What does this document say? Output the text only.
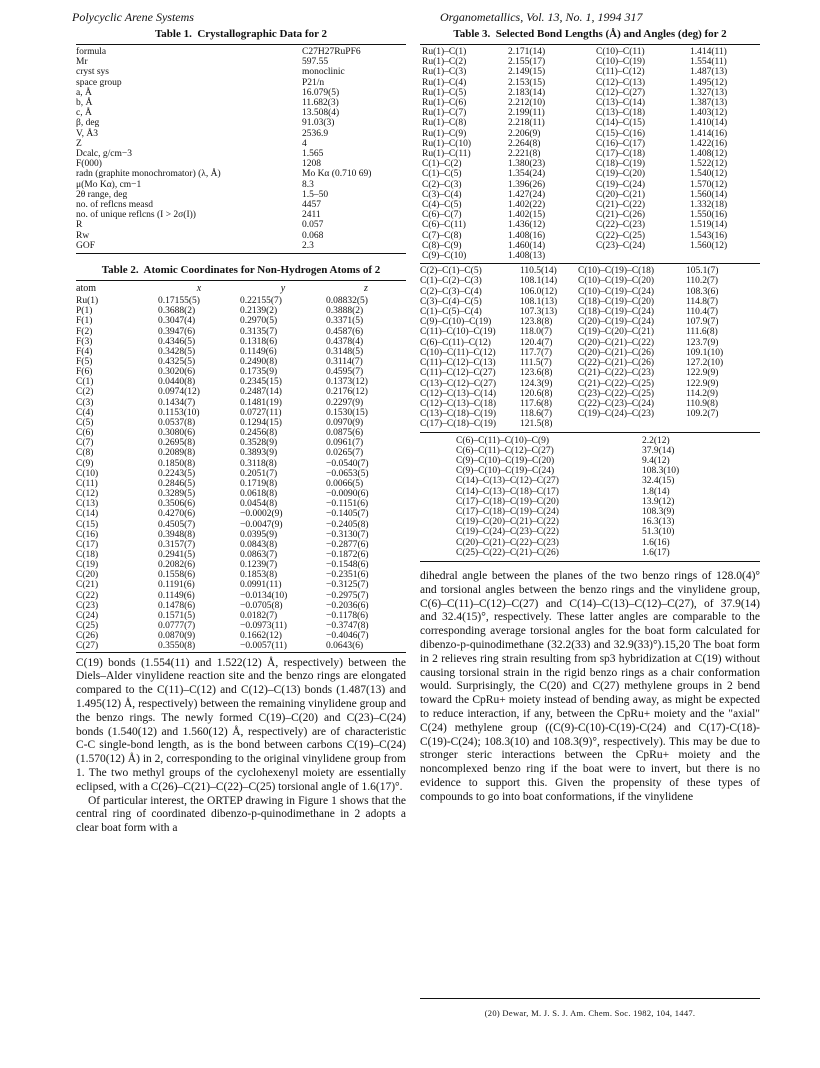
Polycyclic Arene Systems	Organometallics, Vol. 13, No. 1, 1994 317
Table 1. Crystallographic Data for 2
formula	C27H27RuPF6
Mr	597.55
cryst sys	monoclinic
space group	P21/n
a, Å	16.079(5)
b, Å	11.682(3)
c, Å	13.508(4)
β, deg	91.03(3)
V, Å3	2536.9
Z	4
Dcalc, g/cm−3	1.565
F(000)	1208
radn (graphite monochromator) (λ, Å)	Mo Kα (0.710 69)
μ(Mo Kα), cm−1	8.3
2θ range, deg	1.5–50
no. of reflcns measd	4457
no. of unique reflcns (I > 2σ(I))	2411
R	0.057
Rw	0.068
GOF	2.3
Table 2. Atomic Coordinates for Non-Hydrogen Atoms of 2
atom	x	y	z
Ru(1)	0.17155(5)	0.22155(7)	0.08832(5)
P(1)	0.3688(2)	0.2139(2)	0.3888(2)
F(1)	0.3047(4)	0.2970(5)	0.3371(5)
F(2)	0.3947(6)	0.3135(7)	0.4587(6)
F(3)	0.4346(5)	0.1318(6)	0.4378(4)
F(4)	0.3428(5)	0.1149(6)	0.3148(5)
F(5)	0.4325(5)	0.2490(8)	0.3114(7)
F(6)	0.3020(6)	0.1735(9)	0.4595(7)
C(1)	0.0440(8)	0.2345(15)	0.1373(12)
C(2)	0.0974(12)	0.2487(14)	0.2176(12)
C(3)	0.1434(7)	0.1481(19)	0.2297(9)
C(4)	0.1153(10)	0.0727(11)	0.1530(15)
C(5)	0.0537(8)	0.1294(15)	0.0970(9)
C(6)	0.3080(6)	0.2456(8)	0.0875(6)
C(7)	0.2695(8)	0.3528(9)	0.0961(7)
C(8)	0.2089(8)	0.3893(9)	0.0265(7)
C(9)	0.1850(8)	0.3118(8)	−0.0540(7)
C(10)	0.2243(5)	0.2051(7)	−0.0653(5)
C(11)	0.2846(5)	0.1719(8)	0.0066(5)
C(12)	0.3289(5)	0.0618(8)	−0.0090(6)
C(13)	0.3506(6)	0.0454(8)	−0.1151(6)
C(14)	0.4270(6)	−0.0002(9)	−0.1405(7)
C(15)	0.4505(7)	−0.0047(9)	−0.2405(8)
C(16)	0.3948(8)	0.0395(9)	−0.3130(7)
C(17)	0.3157(7)	0.0843(8)	−0.2877(6)
C(18)	0.2941(5)	0.0863(7)	−0.1872(6)
C(19)	0.2082(6)	0.1239(7)	−0.1548(6)
C(20)	0.1558(6)	0.1853(8)	−0.2351(6)
C(21)	0.1191(6)	0.0991(11)	−0.3125(7)
C(22)	0.1149(6)	−0.0134(10)	−0.2975(7)
C(23)	0.1478(6)	−0.0705(8)	−0.2036(6)
C(24)	0.1571(5)	0.0182(7)	−0.1178(6)
C(25)	0.0777(7)	−0.0973(11)	−0.3747(8)
C(26)	0.0870(9)	0.1662(12)	−0.4046(7)
C(27)	0.3550(8)	−0.0057(11)	0.0643(6)

C(19) bonds (1.554(11) and 1.522(12) Å, respectively) between the Diels–Alder vinylidene reaction site and the benzo rings are elongated compared to the C(11)–C(12) and C(12)–C(13) bonds (1.487(13) and 1.495(12) Å, respectively) between the remaining vinylidene group and the benzo rings. The newly formed C(19)–C(20) and C(23)–C(24) bonds (1.540(12) and 1.560(12) Å, respectively) are of characteristic C-C single-bond length, as is the bond between carbons C(19)–C(24) (1.570(12) Å) in 2, corresponding to the original vinylidene group from 1. The two methyl groups of the cyclohexenyl moiety are essentially eclipsed, with a C(26)–C(21)–C(22)–C(25) torsional angle of 1.6(17)°.

Of particular interest, the ORTEP drawing in Figure 1 shows that the central ring of coordinated dibenzo-p-quinodimethane in 2 adopts a clear boat form with a

Table 3. Selected Bond Lengths (Å) and Angles (deg) for 2
Ru(1)–C(1)	2.171(14)	C(10)–C(11)	1.414(11)
Ru(1)–C(2)	2.155(17)	C(10)–C(19)	1.554(11)
Ru(1)–C(3)	2.149(15)	C(11)–C(12)	1.487(13)
Ru(1)–C(4)	2.153(15)	C(12)–C(13)	1.495(12)
Ru(1)–C(5)	2.183(14)	C(12)–C(27)	1.327(13)
Ru(1)–C(6)	2.212(10)	C(13)–C(14)	1.387(13)
Ru(1)–C(7)	2.199(11)	C(13)–C(18)	1.403(12)
Ru(1)–C(8)	2.218(11)	C(14)–C(15)	1.410(14)
Ru(1)–C(9)	2.206(9)	C(15)–C(16)	1.414(16)
Ru(1)–C(10)	2.264(8)	C(16)–C(17)	1.422(16)
Ru(1)–C(11)	2.221(8)	C(17)–C(18)	1.408(12)
C(1)–C(2)	1.380(23)	C(18)–C(19)	1.522(12)
C(1)–C(5)	1.354(24)	C(19)–C(20)	1.540(12)
C(2)–C(3)	1.396(26)	C(19)–C(24)	1.570(12)
C(3)–C(4)	1.427(24)	C(20)–C(21)	1.560(14)
C(4)–C(5)	1.402(22)	C(21)–C(22)	1.332(18)
C(6)–C(7)	1.402(15)	C(21)–C(26)	1.550(16)
C(6)–C(11)	1.436(12)	C(22)–C(23)	1.519(14)
C(7)–C(8)	1.408(16)	C(22)–C(25)	1.543(16)
C(8)–C(9)	1.460(14)	C(23)–C(24)	1.560(12)
C(9)–C(10)	1.408(13)		
C(2)–C(1)–C(5)	110.5(14)	C(10)–C(19)–C(18)	105.1(7)
C(1)–C(2)–C(3)	108.1(14)	C(10)–C(19)–C(20)	110.2(7)
C(2)–C(3)–C(4)	106.0(12)	C(10)–C(19)–C(24)	108.3(6)
C(3)–C(4)–C(5)	108.1(13)	C(18)–C(19)–C(20)	114.8(7)
C(1)–C(5)–C(4)	107.3(13)	C(18)–C(19)–C(24)	110.4(7)
C(9)–C(10)–C(19)	123.8(8)	C(20)–C(19)–C(24)	107.9(7)
C(11)–C(10)–C(19)	118.0(7)	C(19)–C(20)–C(21)	111.6(8)
C(6)–C(11)–C(12)	120.4(7)	C(20)–C(21)–C(22)	123.7(9)
C(10)–C(11)–C(12)	117.7(7)	C(20)–C(21)–C(26)	109.1(10)
C(11)–C(12)–C(13)	111.5(7)	C(22)–C(21)–C(26)	127.2(10)
C(11)–C(12)–C(27)	123.6(8)	C(21)–C(22)–C(23)	122.9(9)
C(13)–C(12)–C(27)	124.3(9)	C(21)–C(22)–C(25)	122.9(9)
C(12)–C(13)–C(14)	120.6(8)	C(23)–C(22)–C(25)	114.2(9)
C(12)–C(13)–C(18)	117.6(8)	C(22)–C(23)–C(24)	110.9(8)
C(13)–C(18)–C(19)	118.6(7)	C(19)–C(24)–C(23)	109.2(7)
C(17)–C(18)–C(19)	121.5(8)		
C(6)–C(11)–C(10)–C(9)	2.2(12)
C(6)–C(11)–C(12)–C(27)	37.9(14)
C(9)–C(10)–C(19)–C(20)	9.4(12)
C(9)–C(10)–C(19)–C(24)	108.3(10)
C(14)–C(13)–C(12)–C(27)	32.4(15)
C(14)–C(13)–C(18)–C(17)	1.8(14)
C(17)–C(18)–C(19)–C(20)	13.9(12)
C(17)–C(18)–C(19)–C(24)	108.3(9)
C(19)–C(20)–C(21)–C(22)	16.3(13)
C(19)–C(24)–C(23)–C(22)	51.3(10)
C(20)–C(21)–C(22)–C(23)	1.6(16)
C(25)–C(22)–C(21)–C(26)	1.6(17)

dihedral angle between the planes of the two benzo rings of 128.0(4)° and torsional angles between the benzo rings and the vinylidene group, C(6)–C(11)–C(12)–C(27) and C(14)–C(13)–C(12)–C(27), of 37.9(14) and 32.4(15)°, respectively. These latter angles are comparable to the corresponding average torsional angles for the boat form calculated for dibenzo-p-quinodimethane (32.2(33) and 32.9(33)°).15,20 The boat form in 2 relieves ring strain resulting from sp3 hybridization at C(19) without causing torsional strain in the rigid benzo rings as a chair conformation would. Surprisingly, the C(20) and C(27) methylene groups in 2 bend toward the CpRu+ moiety instead of bending away, as might be expected to reduce interaction, if any, between the CpRu+ moiety and the "axial" C(24) methylene group ((C(9)-C(10)-C(19)-C(24) and C(17)-C(18)-C(19)-C(24); 108.3(10) and 108.3(9)°, respectively). This may be due to stronger steric interactions between the CpRu+ moiety and the noncomplexed benzo ring if the boat were to invert, but there is no evidence to support this. Given the propensity of these types of compounds to go into boat conformations, if the vinylidene

(20) Dewar, M. J. S. J. Am. Chem. Soc. 1982, 104, 1447.
